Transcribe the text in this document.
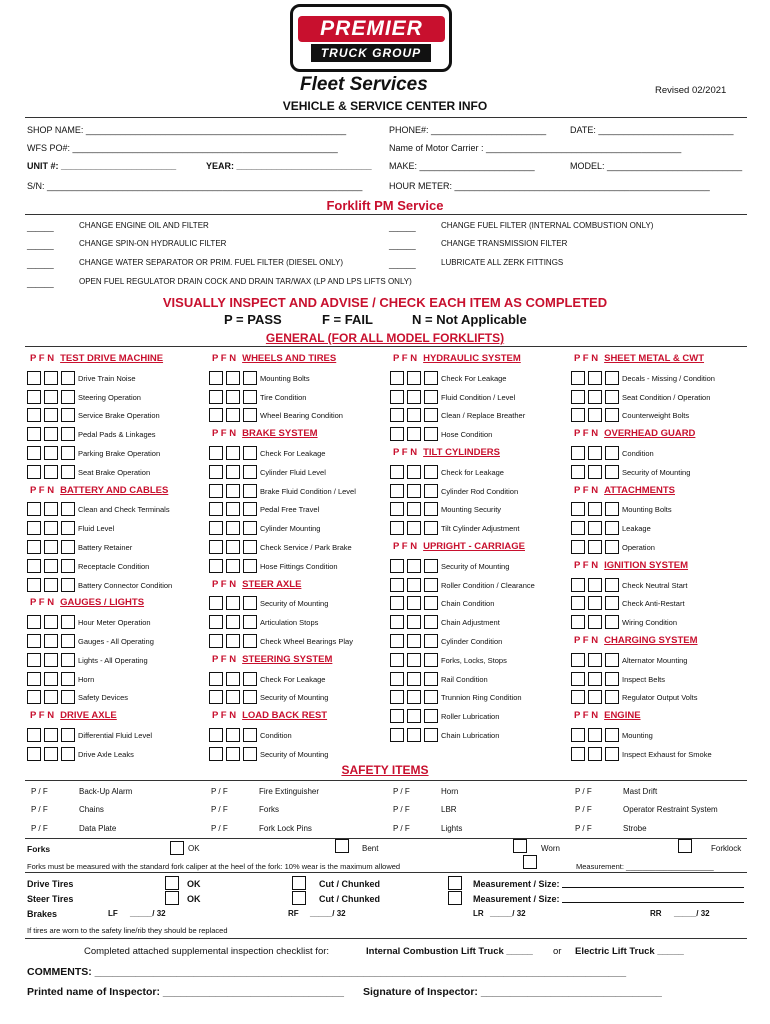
PREMIER
TRUCK GROUP
Fleet Services	Revised 02/2021
VEHICLE & SERVICE CENTER INFO
SHOP NAME: ____________________________________________________	PHONE#: _______________________	DATE: ___________________________
WFS PO#: _____________________________________________________	Name of Motor Carrier : _______________________________________
UNIT #: _______________________	YEAR: ___________________________ MAKE: _______________________	MODEL: ___________________________
S/N: _______________________________________________________________	HOUR METER: ___________________________________________________
Forklift PM Service
______	CHANGE ENGINE OIL AND FILTER
______	CHANGE SPIN-ON HYDRAULIC FILTER
______	CHANGE WATER SEPARATOR OR PRIM. FUEL FILTER (DIESEL ONLY)
______	OPEN FUEL REGULATOR DRAIN COCK AND DRAIN TAR/WAX (LP AND LPS LIFTS ONLY)
______	CHANGE FUEL FILTER (INTERNAL COMBUSTION ONLY)
______	CHANGE TRANSMISSION FILTER
______	LUBRICATE ALL ZERK FITTINGS
VISUALLY INSPECT AND ADVISE / CHECK EACH ITEM AS COMPLETED
P = PASS	F = FAIL	N = Not Applicable
GENERAL (FOR ALL MODEL FORKLIFTS)
P F N TEST DRIVE MACHINE
Drive Train Noise
Steering Operation
Service Brake Operation
Pedal Pads & Linkages
Parking Brake Operation
Seat Brake Operation
P F N BATTERY AND CABLES
Clean and Check Terminals
Fluid Level
Battery Retainer
Receptacle Condition
Battery Connector Condition
P F N GAUGES / LIGHTS
Hour Meter Operation
Gauges - All Operating
Lights - All Operating
Horn
Safety Devices
P F N DRIVE AXLE
Differential Fluid Level
Drive Axle Leaks
P F N WHEELS AND TIRES
Mounting Bolts
Tire Condition
Wheel Bearing Condition
P F N BRAKE SYSTEM
Check For Leakage
Cylinder Fluid Level
Brake Fluid Condition / Level
Pedal Free Travel
Cylinder Mounting
Check Service / Park Brake
Hose Fittings Condition
P F N STEER AXLE
Security of Mounting
Articulation Stops
Check Wheel Bearings Play
P F N STEERING SYSTEM
Check For Leakage
Security of Mounting
P F N LOAD BACK REST
Condition
Security of Mounting
P F N HYDRAULIC SYSTEM
Check For Leakage
Fluid Condition / Level
Clean / Replace Breather
Hose Condition
P F N TILT CYLINDERS
Check for Leakage
Cylinder Rod Condition
Mounting Security
Tilt Cylinder Adjustment
P F N UPRIGHT - CARRIAGE
Security of Mounting
Roller Condition / Clearance
Chain Condition
Chain Adjustment
Cylinder Condition
Forks, Locks, Stops
Rail Condition
Trunnion Ring Condition
Roller Lubrication
Chain Lubrication
P F N SHEET METAL & CWT
Decals - Missing / Condition
Seat Condition / Operation
Counterweight Bolts
P F N OVERHEAD GUARD
Condition
Security of Mounting
P F N ATTACHMENTS
Mounting Bolts
Leakage
Operation
P F N IGNITION SYSTEM
Check Neutral Start
Check Anti-Restart
Wiring Condition
P F N CHARGING SYSTEM
Alternator Mounting
Inspect Belts
Regulator Output Volts
P F N ENGINE
Mounting
Inspect Exhaust for Smoke
SAFETY ITEMS
P / F	Back-Up Alarm	P / F	Fire Extinguisher	P / F	Horn	P / F	Mast Drift
P / F	Chains	P / F	Forks	P / F	LBR	P / F	Operator Restraint System
P / F	Data Plate	P / F	Fork Lock Pins	P / F	Lights	P / F	Strobe
Forks	OK	Bent	Worn	Forklock
Forks must be measured with the standard fork caliper at the heel of the fork: 10% wear is the maximum allowed	Measurement: _____________________
Drive Tires	OK	Cut / Chunked	Measurement / Size:
Steer Tires	OK	Cut / Chunked	Measurement / Size:
Brakes	LF _____/ 32	RF _____/ 32	LR _____/ 32	RR _____/ 32
If tires are worn to the safety line/rib they should be replaced
Completed attached supplemental inspection checklist for:	Internal Combustion Lift Truck _____ or Electric Lift Truck _____
COMMENTS: ___________________________________________________________________________________________
Printed name of Inspector: _______________________________ Signature of Inspector: _______________________________
